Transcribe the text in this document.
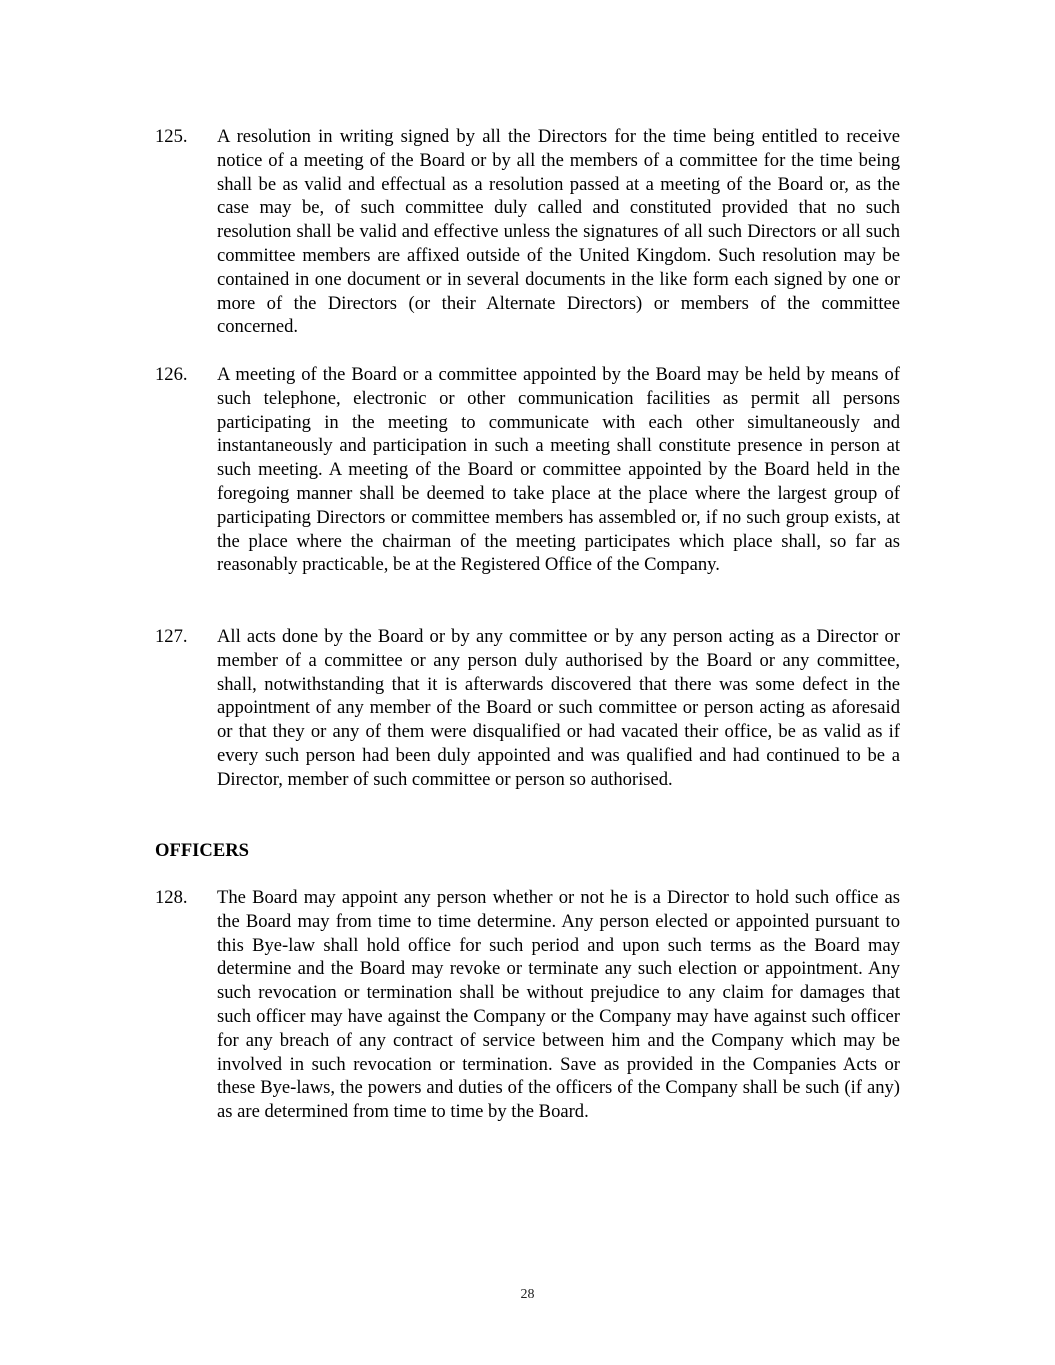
125.	A resolution in writing signed by all the Directors for the time being entitled to receive notice of a meeting of the Board or by all the members of a committee for the time being shall be as valid and effectual as a resolution passed at a meeting of the Board or, as the case may be, of such committee duly called and constituted provided that no such resolution shall be valid and effective unless the signatures of all such Directors or all such committee members are affixed outside of the United Kingdom. Such resolution may be contained in one document or in several documents in the like form each signed by one or more of the Directors (or their Alternate Directors) or members of the committee concerned.

126.	A meeting of the Board or a committee appointed by the Board may be held by means of such telephone, electronic or other communication facilities as permit all persons participating in the meeting to communicate with each other simultaneously and instantaneously and participation in such a meeting shall constitute presence in person at such meeting. A meeting of the Board or committee appointed by the Board held in the foregoing manner shall be deemed to take place at the place where the largest group of participating Directors or committee members has assembled or, if no such group exists, at the place where the chairman of the meeting participates which place shall, so far as reasonably practicable, be at the Registered Office of the Company.

127.	All acts done by the Board or by any committee or by any person acting as a Director or member of a committee or any person duly authorised by the Board or any committee, shall, notwithstanding that it is afterwards discovered that there was some defect in the appointment of any member of the Board or such committee or person acting as aforesaid or that they or any of them were disqualified or had vacated their office, be as valid as if every such person had been duly appointed and was qualified and had continued to be a Director, member of such committee or person so authorised.

OFFICERS
128.	The Board may appoint any person whether or not he is a Director to hold such office as the Board may from time to time determine. Any person elected or appointed pursuant to this Bye-law shall hold office for such period and upon such terms as the Board may determine and the Board may revoke or terminate any such election or appointment. Any such revocation or termination shall be without prejudice to any claim for damages that such officer may have against the Company or the Company may have against such officer for any breach of any contract of service between him and the Company which may be involved in such revocation or termination. Save as provided in the Companies Acts or these Bye-laws, the powers and duties of the officers of the Company shall be such (if any) as are determined from time to time by the Board.

28
